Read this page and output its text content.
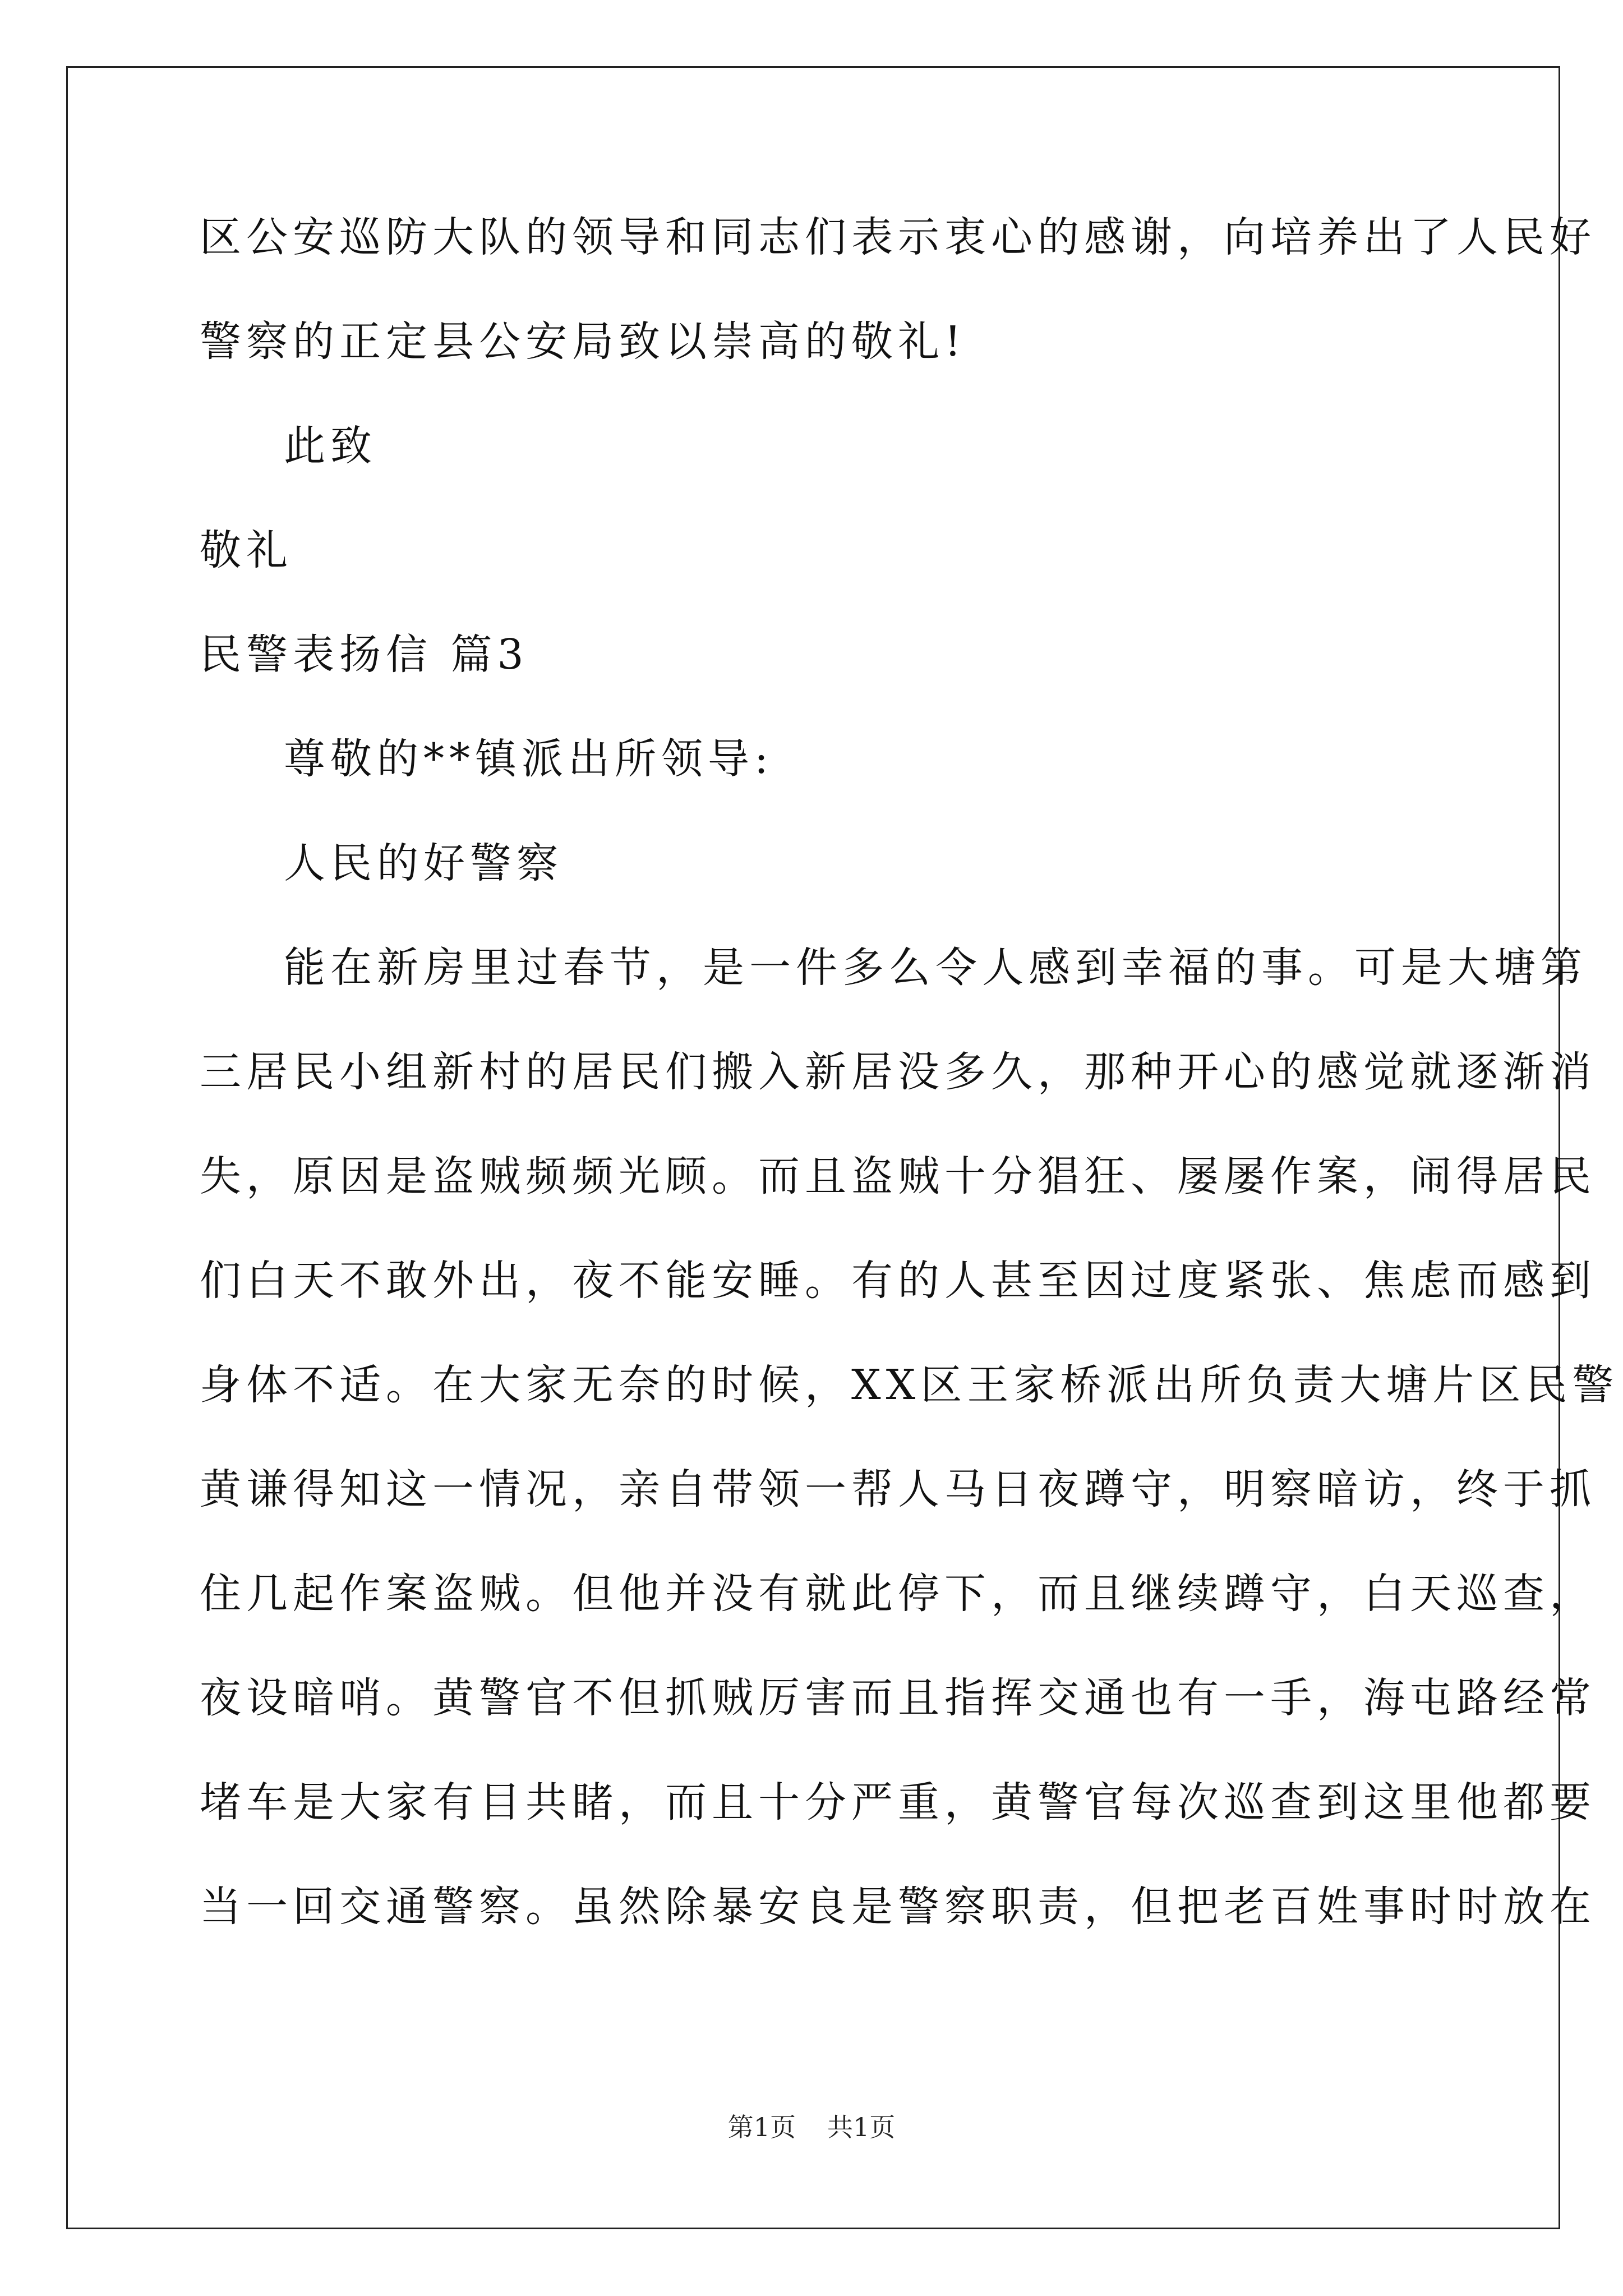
区公安巡防大队的领导和同志们表示衷心的感谢，向培养出了人民好

警察的正定县公安局致以崇高的敬礼!

此致

敬礼

民警表扬信 篇3

尊敬的**镇派出所领导:

人民的好警察

能在新房里过春节，是一件多么令人感到幸福的事。可是大塘第

三居民小组新村的居民们搬入新居没多久，那种开心的感觉就逐渐消

失，原因是盗贼频频光顾。而且盗贼十分猖狂、屡屡作案，闹得居民

们白天不敢外出，夜不能安睡。有的人甚至因过度紧张、焦虑而感到

身体不适。在大家无奈的时候，XX区王家桥派出所负责大塘片区民警

黄谦得知这一情况，亲自带领一帮人马日夜蹲守，明察暗访，终于抓

住几起作案盗贼。但他并没有就此停下，而且继续蹲守，白天巡查，

夜设暗哨。黄警官不但抓贼厉害而且指挥交通也有一手，海屯路经常

堵车是大家有目共睹，而且十分严重，黄警官每次巡查到这里他都要

当一回交通警察。虽然除暴安良是警察职责，但把老百姓事时时放在

第1页 共1页
